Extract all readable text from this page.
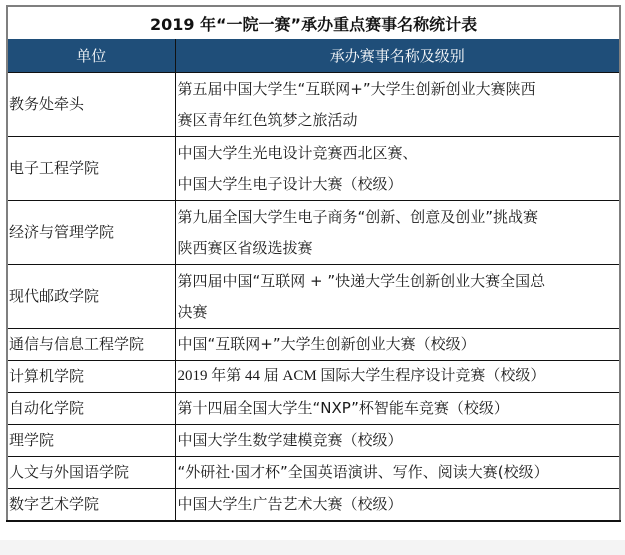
2019 年“一院一赛”承办重点赛事名称统计表	
单位	承办赛事名称及级别
教务处牵头	第五届中国大学生“互联网+”大学生创新创业大赛陕西
赛区青年红色筑梦之旅活动

电子工程学院	中国大学生光电设计竞赛西北区赛、
中国大学生电子设计大赛（校级）

经济与管理学院	第九届全国大学生电子商务“创新、创意及创业”挑战赛
陕西赛区省级选拔赛

现代邮政学院	第四届中国“互联网 + ”快递大学生创新创业大赛全国总
决赛

通信与信息工程学院	中国“互联网+”大学生创新创业大赛（校级）

计算机学院	2019 年第 44 届 ACM 国际大学生程序设计竞赛（校级）

自动化学院	第十四届全国大学生“NXP”杯智能车竞赛（校级）

理学院	中国大学生数学建模竞赛（校级）

人文与外国语学院	“外研社·国才杯”全国英语演讲、写作、阅读大赛(校级）

数字艺术学院	中国大学生广告艺术大赛（校级）
